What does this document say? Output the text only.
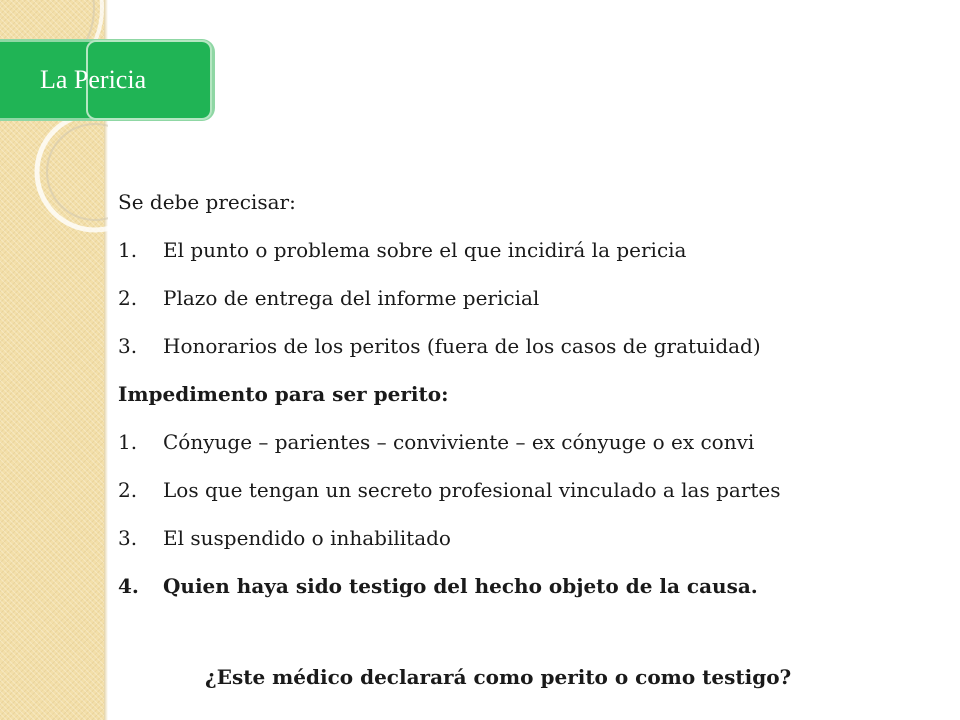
La Pericia
Se debe precisar:
1. El punto o problema sobre el que incidirá la pericia
2. Plazo de entrega del informe pericial
3. Honorarios de los peritos (fuera de los casos de gratuidad)
Impedimento para ser perito:
1. Cónyuge – parientes – conviviente – ex cónyuge o ex convi
2. Los que tengan un secreto profesional vinculado a las partes
3. El suspendido o inhabilitado
4. Quien haya sido testigo del hecho objeto de la causa.
¿Este médico declarará como perito o como testigo?
